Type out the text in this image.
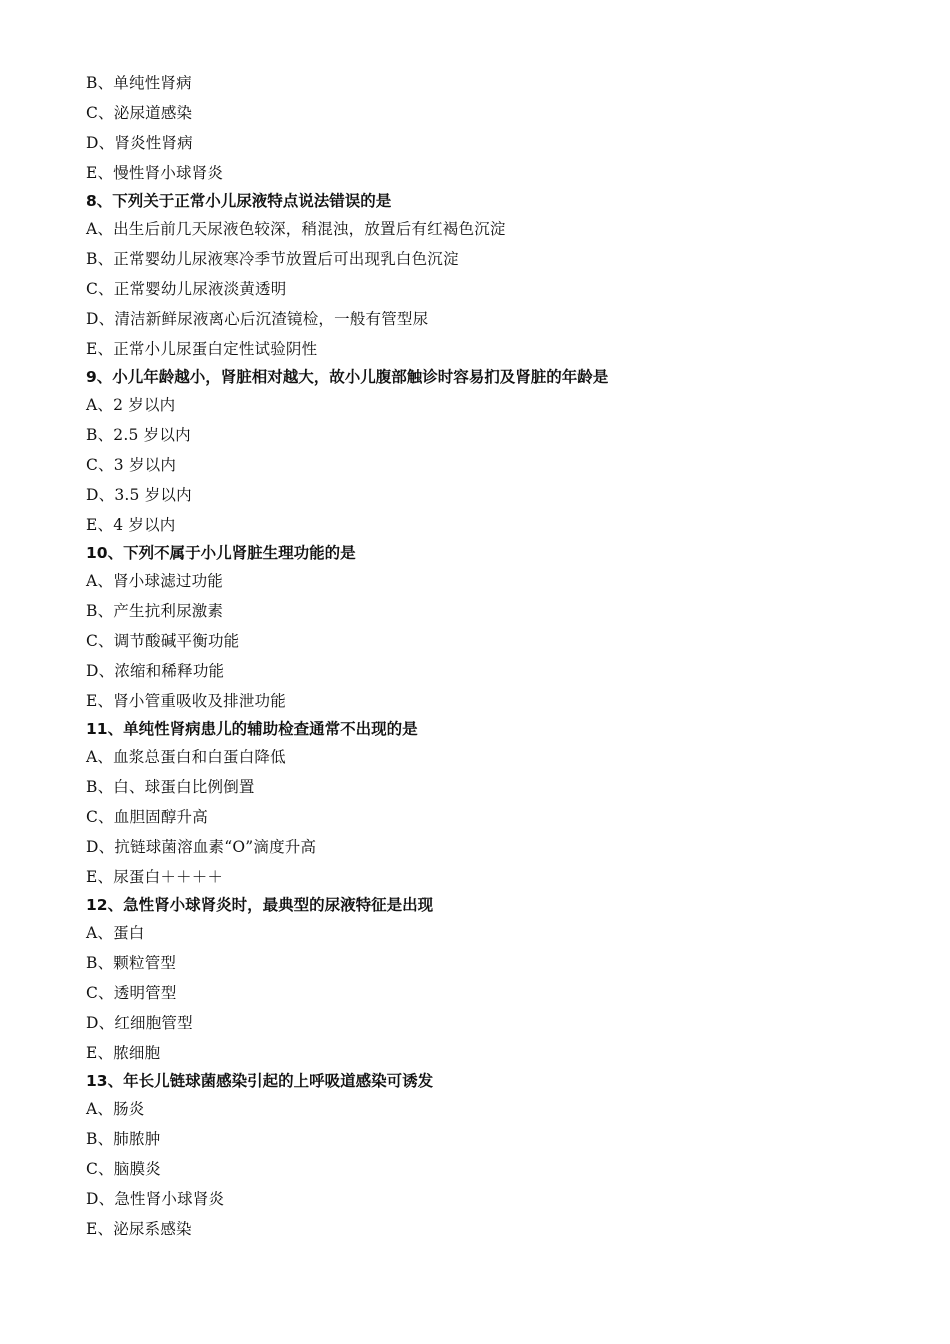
B、单纯性肾病
C、泌尿道感染
D、肾炎性肾病
E、慢性肾小球肾炎
8、下列关于正常小儿尿液特点说法错误的是
A、出生后前几天尿液色较深，稍混浊，放置后有红褐色沉淀
B、正常婴幼儿尿液寒冷季节放置后可出现乳白色沉淀
C、正常婴幼儿尿液淡黄透明
D、清洁新鲜尿液离心后沉渣镜检，一般有管型尿
E、正常小儿尿蛋白定性试验阴性
9、小儿年龄越小，肾脏相对越大，故小儿腹部触诊时容易扪及肾脏的年龄是
A、2 岁以内
B、2.5 岁以内
C、3 岁以内
D、3.5 岁以内
E、4 岁以内
10、下列不属于小儿肾脏生理功能的是
A、肾小球滤过功能
B、产生抗利尿激素
C、调节酸碱平衡功能
D、浓缩和稀释功能
E、肾小管重吸收及排泄功能
11、单纯性肾病患儿的辅助检查通常不出现的是
A、血浆总蛋白和白蛋白降低
B、白、球蛋白比例倒置
C、血胆固醇升高
D、抗链球菌溶血素“O”滴度升高
E、尿蛋白＋＋＋＋
12、急性肾小球肾炎时，最典型的尿液特征是出现
A、蛋白
B、颗粒管型
C、透明管型
D、红细胞管型
E、脓细胞
13、年长儿链球菌感染引起的上呼吸道感染可诱发
A、肠炎
B、肺脓肿
C、脑膜炎
D、急性肾小球肾炎
E、泌尿系感染
